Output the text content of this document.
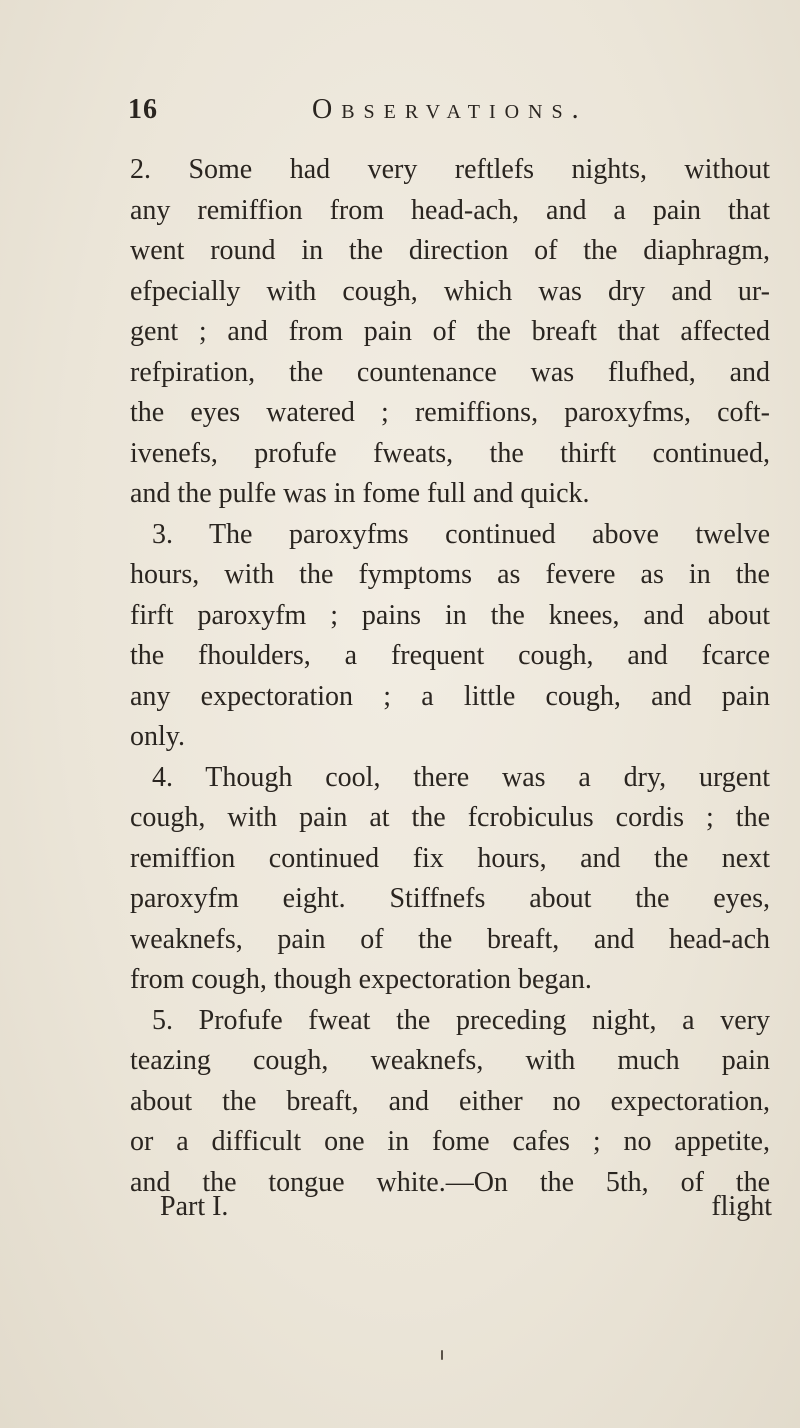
16	Observations.
2. Some had very reftlefs nights, without
any remiffion from head-ach, and a pain that
went round in the direction of the diaphragm,
efpecially with cough, which was dry and ur-
gent ; and from pain of the breaft that affected
refpiration, the countenance was flufhed, and
the eyes watered ; remiffions, paroxyfms, coft-
ivenefs, profufe fweats, the thirft continued,
and the pulfe was in fome full and quick.
3. The paroxyfms continued above twelve
hours, with the fymptoms as fevere as in the
firft paroxyfm ; pains in the knees, and about
the fhoulders, a frequent cough, and fcarce
any expectoration ; a little cough, and pain
only.
4. Though cool, there was a dry, urgent
cough, with pain at the fcrobiculus cordis ; the
remiffion continued fix hours, and the next
paroxyfm eight. Stiffnefs about the eyes,
weaknefs, pain of the breaft, and head-ach
from cough, though expectoration began.
5. Profufe fweat the preceding night, a very
teazing cough, weaknefs, with much pain
about the breaft, and either no expectoration,
or a difficult one in fome cafes ; no appetite,
and the tongue white.—On the 5th, of the
Part I.	flight
